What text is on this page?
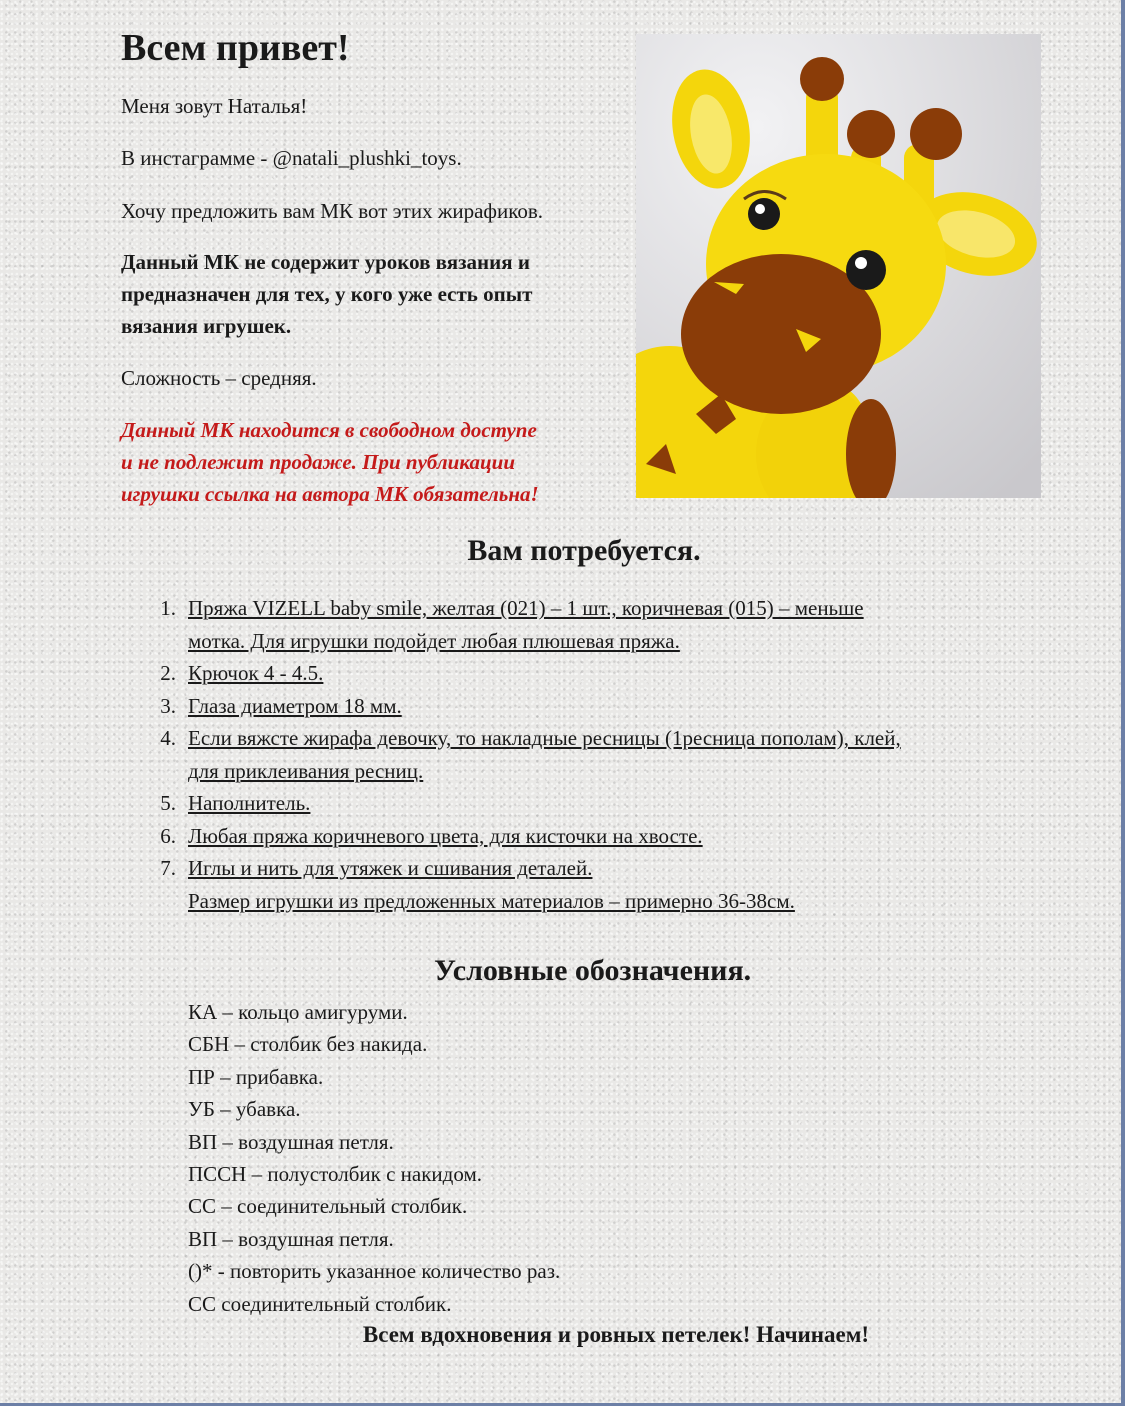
Всем привет!

Меня зовут Наталья!

В инстаграмме - @natali_plushki_toys.

Хочу предложить вам МК вот этих жирафиков.

Данный МК не содержит уроков вязания и
предназначен для тех, у кого уже есть опыт
вязания игрушек.

Сложность – средняя.

Данный МК находится в свободном доступе
и не подлежит продаже. При публикации
игрушки ссылка на автора МК обязательна!
Вам потребуется.
1. Пряжа VIZELL baby smile, желтая (021) – 1 шт., коричневая (015) – меньше
мотка. Для игрушки подойдет любая плюшевая пряжа.
2. Крючок 4 - 4.5.
3. Глаза диаметром 18 мм.
4. Если вяжсте жирафа девочку, то накладные ресницы (1ресница пополам), клей,
для приклеивания ресниц.
5. Наполнитель.
6. Любая пряжа коричневого цвета, для кисточки на хвосте.
7. Иглы и нить для утяжек и сшивания деталей.
Размер игрушки из предложенных материалов – примерно 36-38см.
Условные обозначения.
КА – кольцо амигуруми.
СБН – столбик без накида.
ПР – прибавка.
УБ – убавка.
ВП – воздушная петля.
ПССН – полустолбик с накидом.
СС – соединительный столбик.
ВП – воздушная петля.
()* - повторить указанное количество раз.
СС соединительный столбик.
Всем вдохновения и ровных петелек! Начинаем!
